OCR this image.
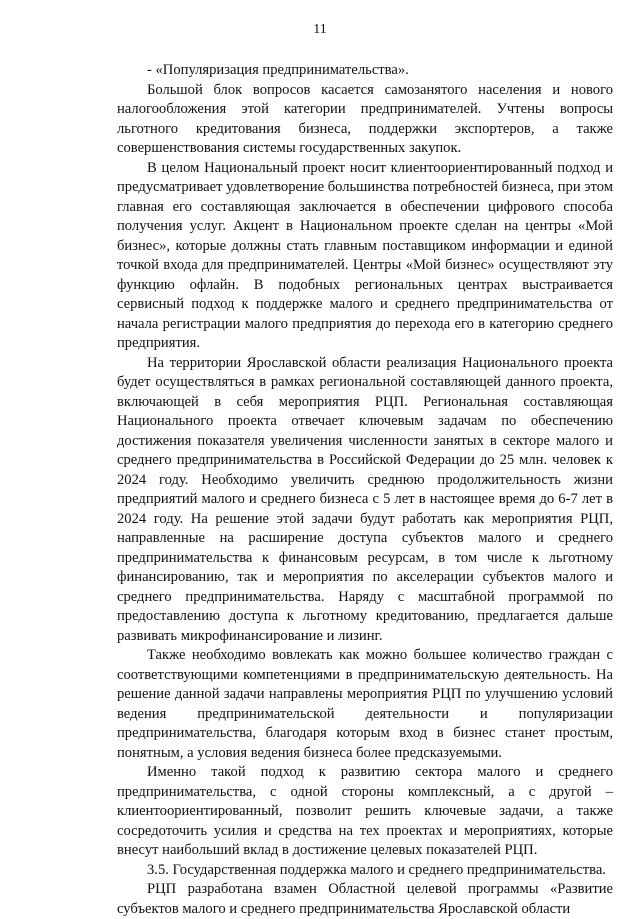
11

- «Популяризация предпринимательства».

Большой блок вопросов касается самозанятого населения и нового налогообложения этой категории предпринимателей. Учтены вопросы льготного кредитования бизнеса, поддержки экспортеров, а также совершенствования системы государственных закупок.

В целом Национальный проект носит клиентоориентированный подход и предусматривает удовлетворение большинства потребностей бизнеса, при этом главная его составляющая заключается в обеспечении цифрового способа получения услуг. Акцент в Национальном проекте сделан на центры «Мой бизнес», которые должны стать главным поставщиком информации и единой точкой входа для предпринимателей. Центры «Мой бизнес» осуществляют эту функцию офлайн. В подобных региональных центрах выстраивается сервисный подход к поддержке малого и среднего предпринимательства от начала регистрации малого предприятия до перехода его в категорию среднего предприятия.

На территории Ярославской области реализация Национального проекта будет осуществляться в рамках региональной составляющей данного проекта, включающей в себя мероприятия РЦП. Региональная составляющая Национального проекта отвечает ключевым задачам по обеспечению достижения показателя увеличения численности занятых в секторе малого и среднего предпринимательства в Российской Федерации до 25 млн. человек к 2024 году. Необходимо увеличить среднюю продолжительность жизни предприятий малого и среднего бизнеса с 5 лет в настоящее время до 6-7 лет в 2024 году. На решение этой задачи будут работать как мероприятия РЦП, направленные на расширение доступа субъектов малого и среднего предпринимательства к финансовым ресурсам, в том числе к льготному финансированию, так и мероприятия по акселерации субъектов малого и среднего предпринимательства. Наряду с масштабной программой по предоставлению доступа к льготному кредитованию, предлагается дальше развивать микрофинансирование и лизинг.

Также необходимо вовлекать как можно большее количество граждан с соответствующими компетенциями в предпринимательскую деятельность. На решение данной задачи направлены мероприятия РЦП по улучшению условий ведения предпринимательской деятельности и популяризации предпринимательства, благодаря которым вход в бизнес станет простым, понятным, а условия ведения бизнеса более предсказуемыми.

Именно такой подход к развитию сектора малого и среднего предпринимательства, с одной стороны комплексный, а с другой – клиентоориентированный, позволит решить ключевые задачи, а также сосредоточить усилия и средства на тех проектах и мероприятиях, которые внесут наибольший вклад в достижение целевых показателей РЦП.

3.5. Государственная поддержка малого и среднего предпринимательства.

РЦП разработана взамен Областной целевой программы «Развитие субъектов малого и среднего предпринимательства Ярославской области
